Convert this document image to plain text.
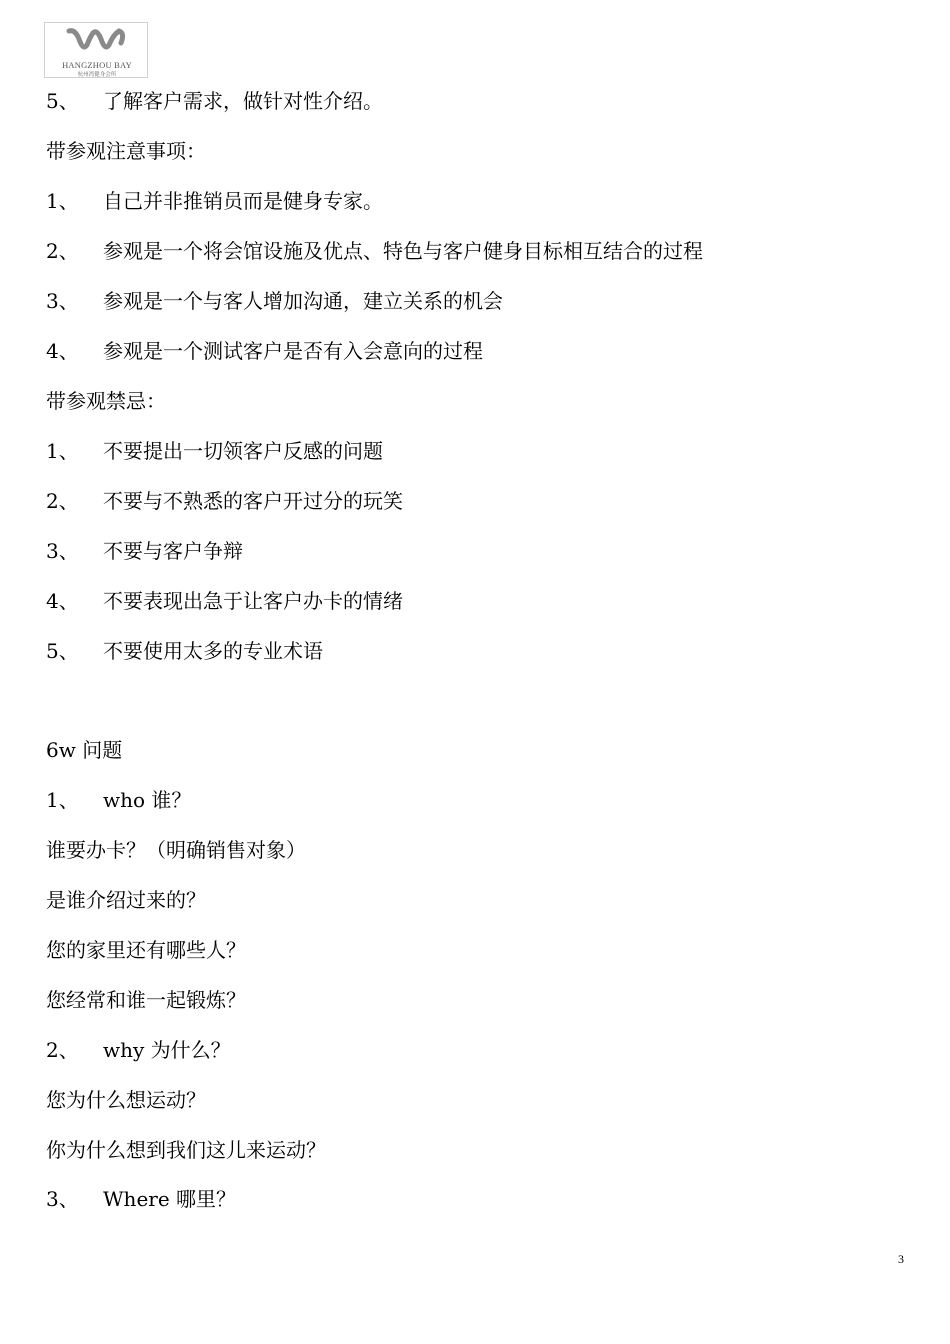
HANGZHOU BAY
杭州湾健身会所
5、 了解客户需求，做针对性介绍。
带参观注意事项：
1、 自己并非推销员而是健身专家。
2、 参观是一个将会馆设施及优点、特色与客户健身目标相互结合的过程
3、 参观是一个与客人增加沟通，建立关系的机会
4、 参观是一个测试客户是否有入会意向的过程
带参观禁忌：
1、 不要提出一切领客户反感的问题
2、 不要与不熟悉的客户开过分的玩笑
3、 不要与客户争辩
4、 不要表现出急于让客户办卡的情绪
5、 不要使用太多的专业术语
6w 问题
1、 who 谁？
谁要办卡？（明确销售对象）
是谁介绍过来的？
您的家里还有哪些人？
您经常和谁一起锻炼？
2、 why 为什么？
您为什么想运动？
你为什么想到我们这儿来运动？
3、 Where 哪里？
3
